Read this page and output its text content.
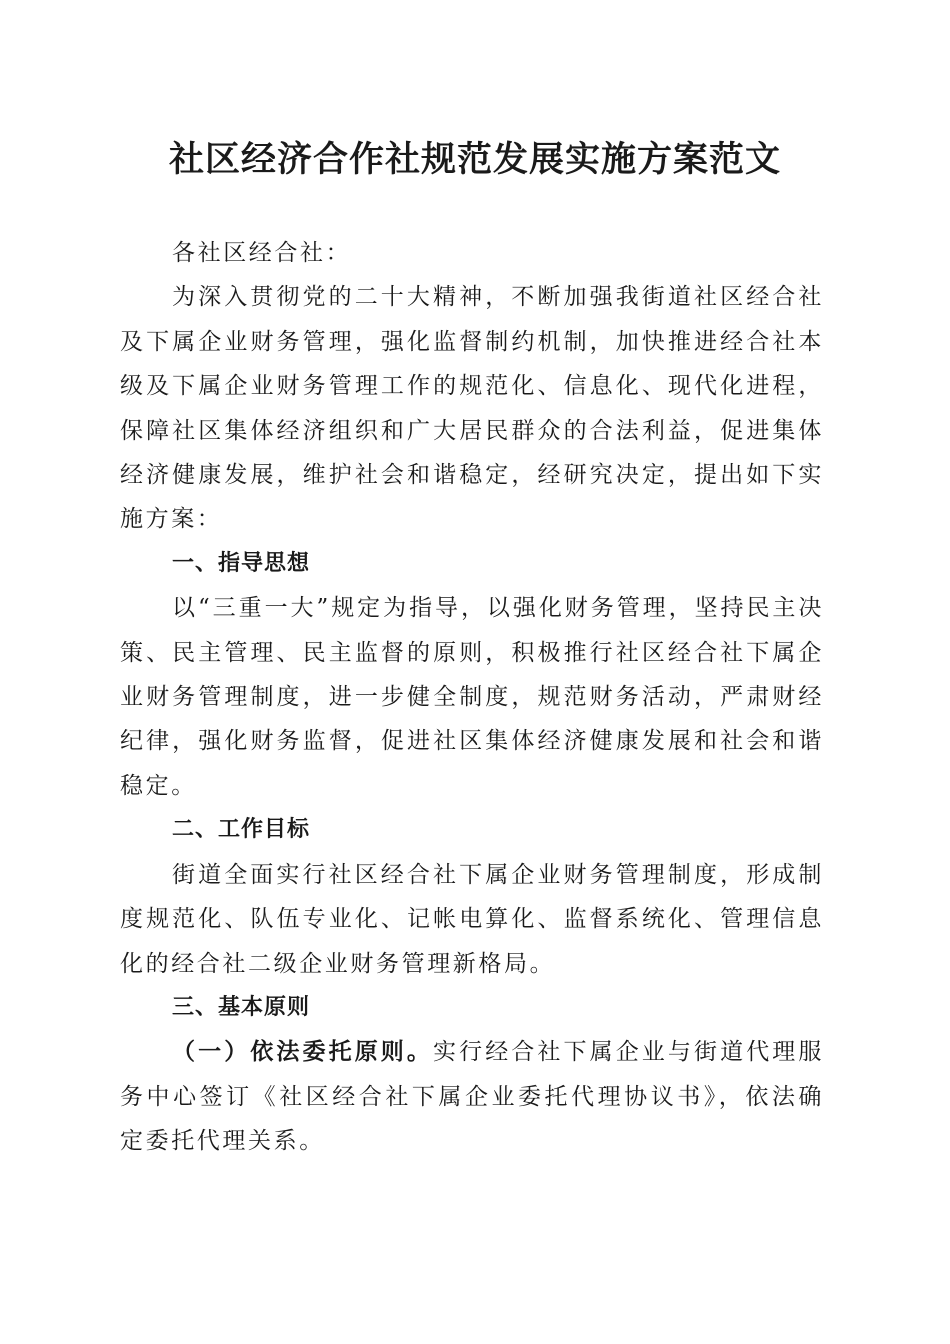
社区经济合作社规范发展实施方案范文

各社区经合社：

为深入贯彻党的二十大精神，不断加强我街道社区经合社及下属企业财务管理，强化监督制约机制，加快推进经合社本级及下属企业财务管理工作的规范化、信息化、现代化进程，保障社区集体经济组织和广大居民群众的合法利益，促进集体经济健康发展，维护社会和谐稳定，经研究决定，提出如下实施方案：

一、指导思想

以“三重一大”规定为指导，以强化财务管理，坚持民主决策、民主管理、民主监督的原则，积极推行社区经合社下属企业财务管理制度，进一步健全制度，规范财务活动，严肃财经纪律，强化财务监督，促进社区集体经济健康发展和社会和谐稳定。

二、工作目标

街道全面实行社区经合社下属企业财务管理制度，形成制度规范化、队伍专业化、记帐电算化、监督系统化、管理信息化的经合社二级企业财务管理新格局。

三、基本原则

（一）依法委托原则。实行经合社下属企业与街道代理服务中心签订《社区经合社下属企业委托代理协议书》，依法确定委托代理关系。
